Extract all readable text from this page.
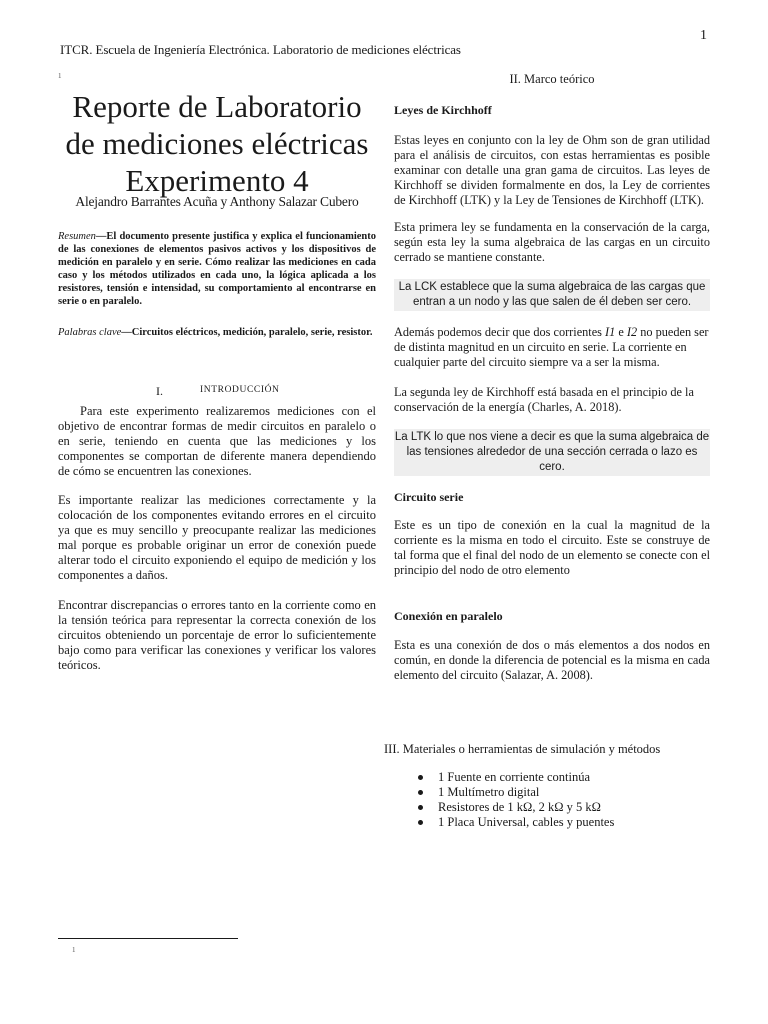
1
ITCR. Escuela de Ingeniería Electrónica. Laboratorio de mediciones eléctricas
1
Reporte de Laboratorio
de mediciones eléctricas
Experimento 4
Alejandro Barrantes Acuña y Anthony Salazar Cubero

Resumen—El documento presente justifica y explica el funcionamiento de las conexiones de elementos pasivos activos y los dispositivos de medición en paralelo y en serie. Cómo realizar las mediciones en cada caso y los métodos utilizados en cada uno, la lógica aplicada a los resistores, tensión e intensidad, su comportamiento al encontrarse en serie o en paralelo.

Palabras clave—Circuitos eléctricos, medición, paralelo, serie, resistor.

I.	INTRODUCCIÓN

Para este experimento realizaremos mediciones con el objetivo de encontrar formas de medir circuitos en paralelo o en serie, teniendo en cuenta que las mediciones y los componentes se comportan de diferente manera dependiendo de cómo se encuentren las conexiones.

Es importante realizar las mediciones correctamente y la colocación de los componentes evitando errores en el circuito ya que es muy sencillo y preocupante realizar las mediciones mal porque es probable originar un error de conexión puede alterar todo el circuito exponiendo el equipo de medición y los componentes a daños.

Encontrar discrepancias o errores tanto en la corriente como en la tensión teórica para representar la correcta conexión de los circuitos obteniendo un porcentaje de error lo suficientemente bajo como para verificar las conexiones y verificar los valores teóricos.

1
II. Marco teórico

Leyes de Kirchhoff

Estas leyes en conjunto con la ley de Ohm son de gran utilidad para el análisis de circuitos, con estas herramientas es posible examinar con detalle una gran gama de circuitos. Las leyes de Kirchhoff se dividen formalmente en dos, la Ley de corrientes de Kirchhoff (LTK) y la Ley de Tensiones de Kirchhoff (LTK).

Esta primera ley se fundamenta en la conservación de la carga, según esta ley la suma algebraica de las cargas en un circuito cerrado se mantiene constante.

La LCK establece que la suma algebraica de las cargas que entran a un nodo y las que salen de él deben ser cero.

Además podemos decir que dos corrientes I1 e I2 no pueden ser de distinta magnitud en un circuito en serie. La corriente en cualquier parte del circuito siempre va a ser la misma.

La segunda ley de Kirchhoff está basada en el principio de la conservación de la energía (Charles, A. 2018).

La LTK lo que nos viene a decir es que la suma algebraica de las tensiones alrededor de una sección cerrada o lazo es cero.

Circuito serie

Este es un tipo de conexión en la cual la magnitud de la corriente es la misma en todo el circuito. Este se construye de tal forma que el final del nodo de un elemento se conecte con el principio del nodo de otro elemento

Conexión en paralelo

Esta es una conexión de dos o más elementos a dos nodos en común, en donde la diferencia de potencial es la misma en cada elemento del circuito (Salazar, A. 2008).

III. Materiales o herramientas de simulación y métodos
1 Fuente en corriente continúa
1 Multímetro digital
Resistores de 1 kΩ, 2 kΩ y 5 kΩ
1 Placa Universal, cables y puentes
